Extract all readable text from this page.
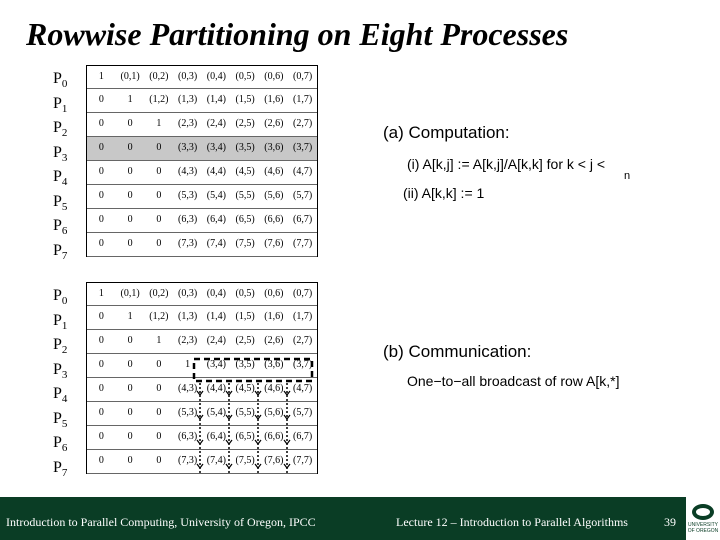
Rowwise Partitioning on Eight Processes
1	(0,1) (0,2) (0,3) (0,4) (0,5) (0,6) (0,7)
0	1	(1,2) (1,3) (1,4) (1,5) (1,6) (1,7)
0	0	1	(2,3) (2,4) (2,5) (2,6) (2,7)
0	0	0	(3,3) (3,4) (3,5) (3,6) (3,7)
0	0	0	(4,3) (4,4) (4,5) (4,6) (4,7)
0	0	0	(5,3) (5,4) (5,5) (5,6) (5,7)
0	0	0	(6,3) (6,4) (6,5) (6,6) (6,7)
0	0	0	(7,3) (7,4) (7,5) (7,6) (7,7)
1	(0,1) (0,2) (0,3) (0,4) (0,5) (0,6) (0,7)
0	1	(1,2) (1,3) (1,4) (1,5) (1,6) (1,7)
0	0	1	(2,3) (2,4) (2,5) (2,6) (2,7)
0	0	0	1	(3,4) (3,5) (3,6) (3,7)
0	0	0	(4,3) (4,4) (4,5) (4,6) (4,7)
0	0	0	(5,3) (5,4) (5,5) (5,6) (5,7)
0	0	0	(6,3) (6,4) (6,5) (6,6) (6,7)
0	0	0	(7,3) (7,4) (7,5) (7,6) (7,7)
$P_0$
$P_1$
$P_2$
$P_3$
$P_4$
$P_5$
$P_6$
$P_7$
$P_0$
$P_1$
$P_2$
$P_3$
$P_4$
$P_5$
$P_6$
$P_7$
(a) Computation:
(i) A[k,j] := A[k,j]/A[k,k] for k < j <
n
(ii) A[k,k] := 1
(b) Communication:
One−to−all broadcast of row A[k,*]
Introduction to Parallel Computing, University of Oregon, IPCC	Lecture 12 – Introduction to Parallel Algorithms	39	UNIVERSITY OF OREGON
